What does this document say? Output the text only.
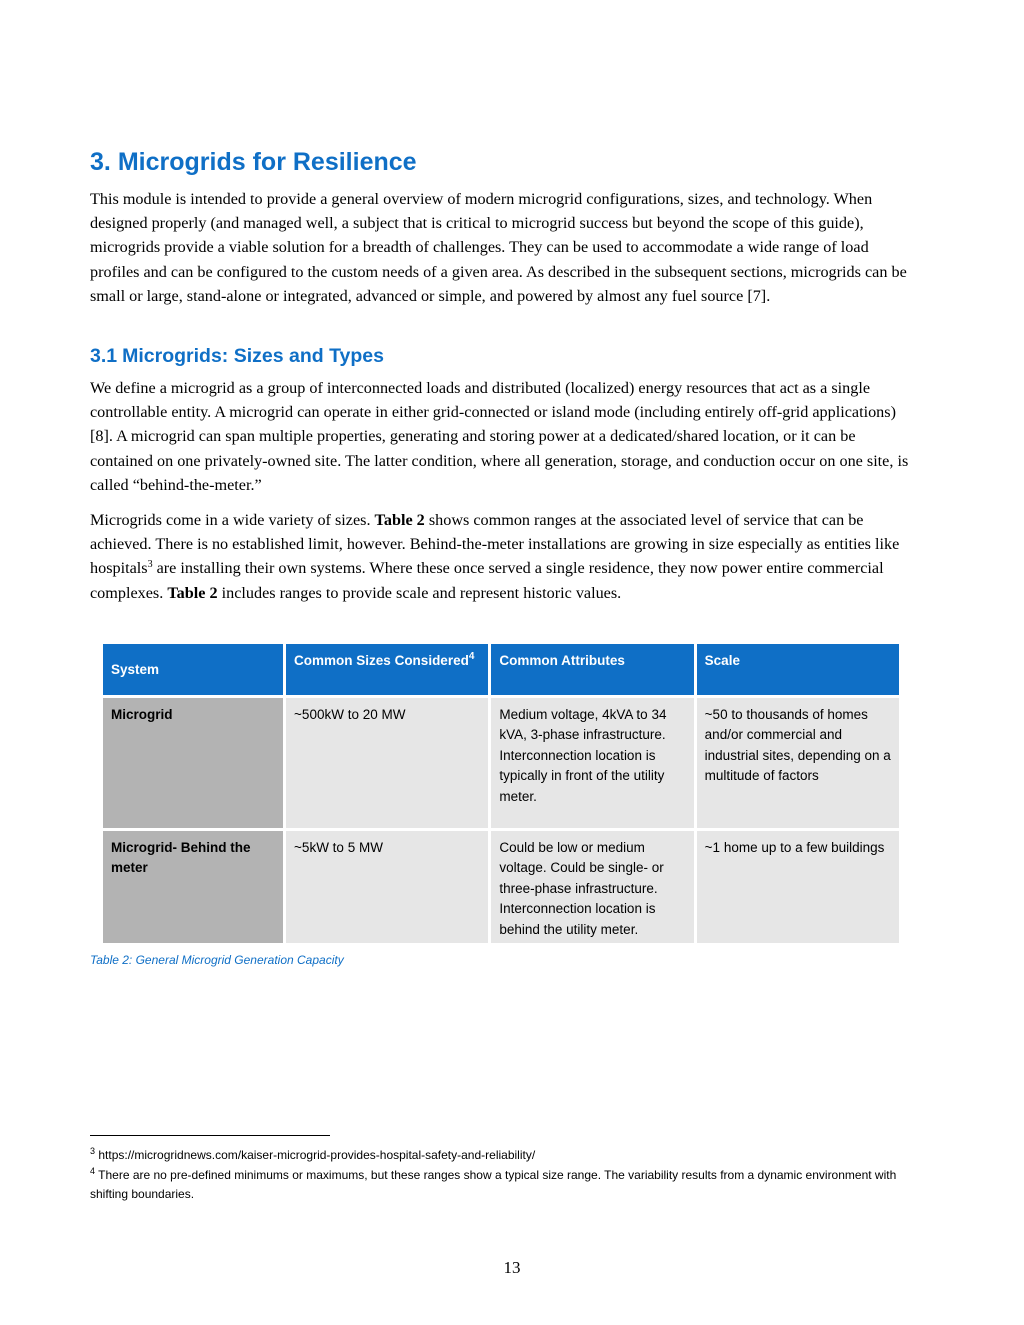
3. Microgrids for Resilience

This module is intended to provide a general overview of modern microgrid configurations, sizes, and technology. When designed properly (and managed well, a subject that is critical to microgrid success but beyond the scope of this guide), microgrids provide a viable solution for a breadth of challenges. They can be used to accommodate a wide range of load profiles and can be configured to the custom needs of a given area. As described in the subsequent sections, microgrids can be small or large, stand-alone or integrated, advanced or simple, and powered by almost any fuel source [7].

3.1 Microgrids: Sizes and Types

We define a microgrid as a group of interconnected loads and distributed (localized) energy resources that act as a single controllable entity. A microgrid can operate in either grid-connected or island mode (including entirely off-grid applications) [8]. A microgrid can span multiple properties, generating and storing power at a dedicated/shared location, or it can be contained on one privately-owned site. The latter condition, where all generation, storage, and conduction occur on one site, is called “behind-the-meter.”

Microgrids come in a wide variety of sizes. Table 2 shows common ranges at the associated level of service that can be achieved. There is no established limit, however. Behind-the-meter installations are growing in size especially as entities like hospitals$^3$ are installing their own systems. Where these once served a single residence, they now power entire commercial complexes. Table 2 includes ranges to provide scale and represent historic values.

System	Common Sizes Considered$^4$	Common Attributes	Scale
Microgrid	~500kW to 20 MW	Medium voltage, 4kVA to 34 kVA, 3-phase infrastructure. Interconnection location is typically in front of the utility meter.	~50 to thousands of homes and/or commercial and industrial sites, depending on a multitude of factors
Microgrid- Behind the meter	~5kW to 5 MW	Could be low or medium voltage. Could be single- or three-phase infrastructure. Interconnection location is behind the utility meter.	~1 home up to a few buildings

Table 2: General Microgrid Generation Capacity

$^3$ https://microgridnews.com/kaiser-microgrid-provides-hospital-safety-and-reliability/

$^4$ There are no pre-defined minimums or maximums, but these ranges show a typical size range. The variability results from a dynamic environment with shifting boundaries.

13
